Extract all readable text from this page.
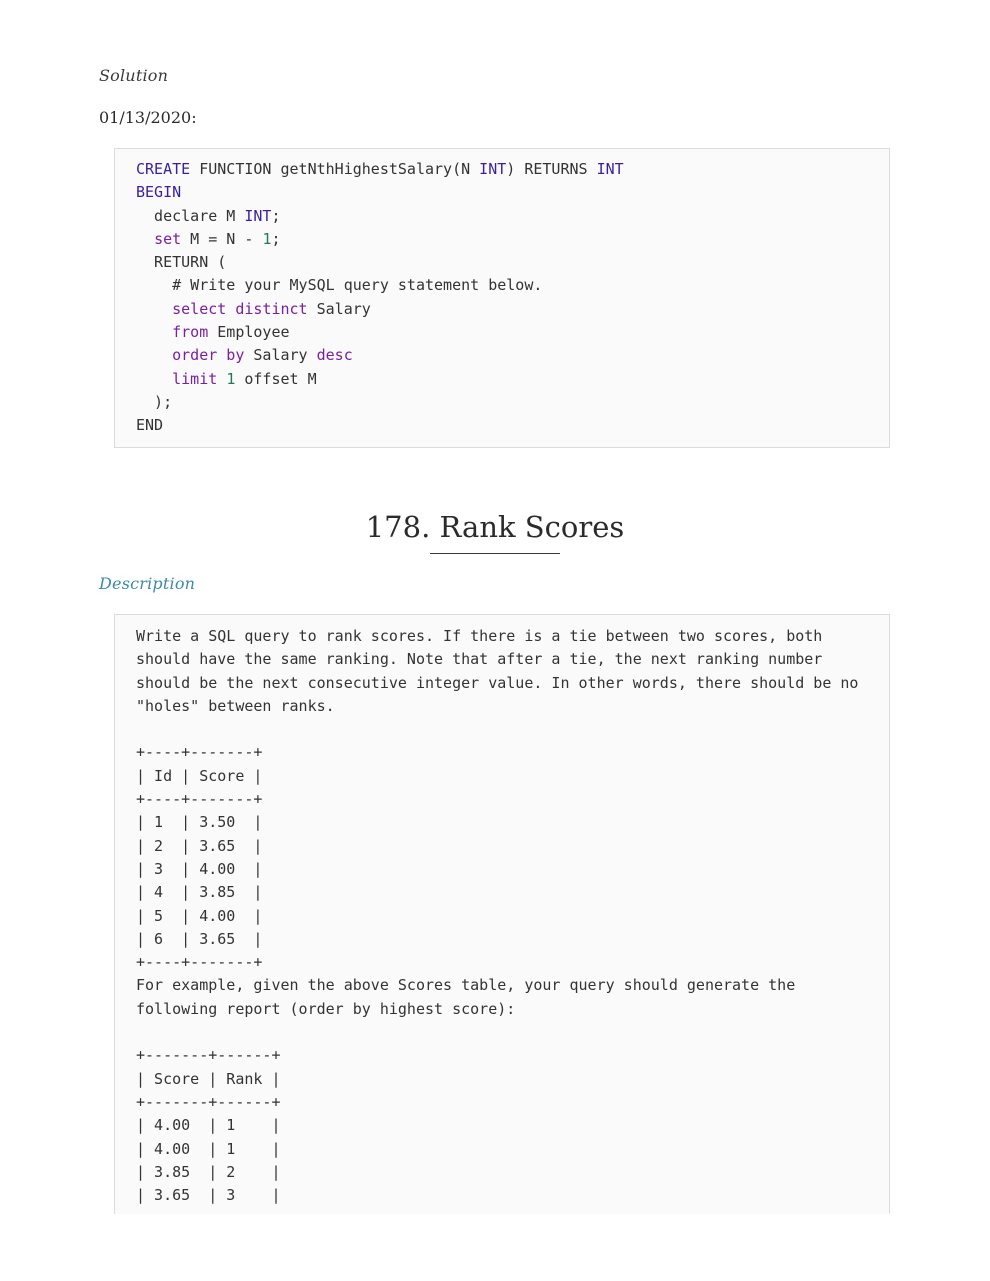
Solution
01/13/2020:
CREATE FUNCTION getNthHighestSalary(N INT) RETURNS INT
BEGIN
declare M INT;
set M = N - 1;
RETURN (
# Write your MySQL query statement below.
select distinct Salary
from Employee
order by Salary desc
limit 1 offset M
);
END
178. Rank Scores
Description
Write a SQL query to rank scores. If there is a tie between two scores, both
should have the same ranking. Note that after a tie, the next ranking number
should be the next consecutive integer value. In other words, there should be no
"holes" between ranks.

+----+-------+
| Id | Score |
+----+-------+
| 1  | 3.50  |
| 2  | 3.65  |
| 3  | 4.00  |
| 4  | 3.85  |
| 5  | 4.00  |
| 6  | 3.65  |
+----+-------+
For example, given the above Scores table, your query should generate the
following report (order by highest score):

+-------+------+
| Score | Rank |
+-------+------+
| 4.00  | 1    |
| 4.00  | 1    |
| 3.85  | 2    |
| 3.65  | 3    |
